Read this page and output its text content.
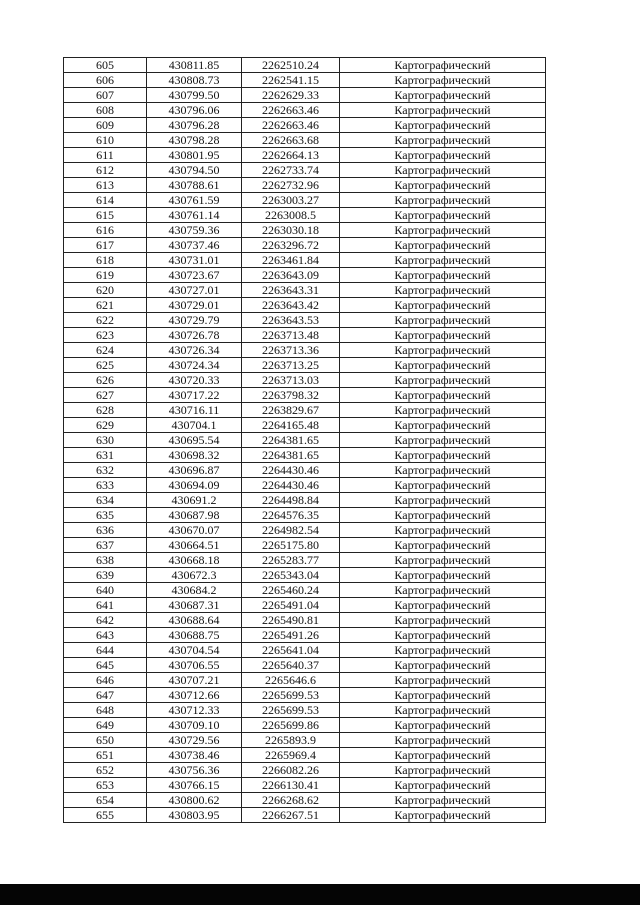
605	430811.85	2262510.24	Картографический
606	430808.73	2262541.15	Картографический
607	430799.50	2262629.33	Картографический
608	430796.06	2262663.46	Картографический
609	430796.28	2262663.46	Картографический
610	430798.28	2262663.68	Картографический
611	430801.95	2262664.13	Картографический
612	430794.50	2262733.74	Картографический
613	430788.61	2262732.96	Картографический
614	430761.59	2263003.27	Картографический
615	430761.14	2263008.5	Картографический
616	430759.36	2263030.18	Картографический
617	430737.46	2263296.72	Картографический
618	430731.01	2263461.84	Картографический
619	430723.67	2263643.09	Картографический
620	430727.01	2263643.31	Картографический
621	430729.01	2263643.42	Картографический
622	430729.79	2263643.53	Картографический
623	430726.78	2263713.48	Картографический
624	430726.34	2263713.36	Картографический
625	430724.34	2263713.25	Картографический
626	430720.33	2263713.03	Картографический
627	430717.22	2263798.32	Картографический
628	430716.11	2263829.67	Картографический
629	430704.1	2264165.48	Картографический
630	430695.54	2264381.65	Картографический
631	430698.32	2264381.65	Картографический
632	430696.87	2264430.46	Картографический
633	430694.09	2264430.46	Картографический
634	430691.2	2264498.84	Картографический
635	430687.98	2264576.35	Картографический
636	430670.07	2264982.54	Картографический
637	430664.51	2265175.80	Картографический
638	430668.18	2265283.77	Картографический
639	430672.3	2265343.04	Картографический
640	430684.2	2265460.24	Картографический
641	430687.31	2265491.04	Картографический
642	430688.64	2265490.81	Картографический
643	430688.75	2265491.26	Картографический
644	430704.54	2265641.04	Картографический
645	430706.55	2265640.37	Картографический
646	430707.21	2265646.6	Картографический
647	430712.66	2265699.53	Картографический
648	430712.33	2265699.53	Картографический
649	430709.10	2265699.86	Картографический
650	430729.56	2265893.9	Картографический
651	430738.46	2265969.4	Картографический
652	430756.36	2266082.26	Картографический
653	430766.15	2266130.41	Картографический
654	430800.62	2266268.62	Картографический
655	430803.95	2266267.51	Картографический
